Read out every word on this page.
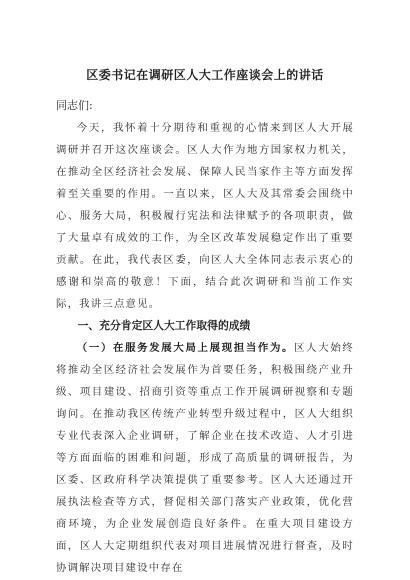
区委书记在调研区人大工作座谈会上的讲话

同志们:

今天，我怀着十分期待和重视的心情来到区人大开展调研并召开这次座谈会。区人大作为地方国家权力机关，在推动全区经济社会发展、保障人民当家作主等方面发挥着至关重要的作用。一直以来，区人大及其常委会围绕中心、服务大局，积极履行宪法和法律赋予的各项职责，做了大量卓有成效的工作，为全区改革发展稳定作出了重要贡献。在此，我代表区委，向区人大全体同志表示衷心的感谢和崇高的敬意！下面，结合此次调研和当前工作实际，我讲三点意见。

一、充分肯定区人大工作取得的成绩

（一）在服务发展大局上展现担当作为。区人大始终将推动全区经济社会发展作为首要任务，积极围绕产业升级、项目建设、招商引资等重点工作开展调研视察和专题询问。在推动我区传统产业转型升级过程中，区人大组织专业代表深入企业调研，了解企业在技术改造、人才引进等方面面临的困难和问题，形成了高质量的调研报告，为区委、区政府科学决策提供了重要参考。区人大还通过开展执法检查等方式，督促相关部门落实产业政策，优化营商环境，为企业发展创造良好条件。在重大项目建设方面，区人大定期组织代表对项目进展情况进行督查，及时协调解决项目建设中存在
